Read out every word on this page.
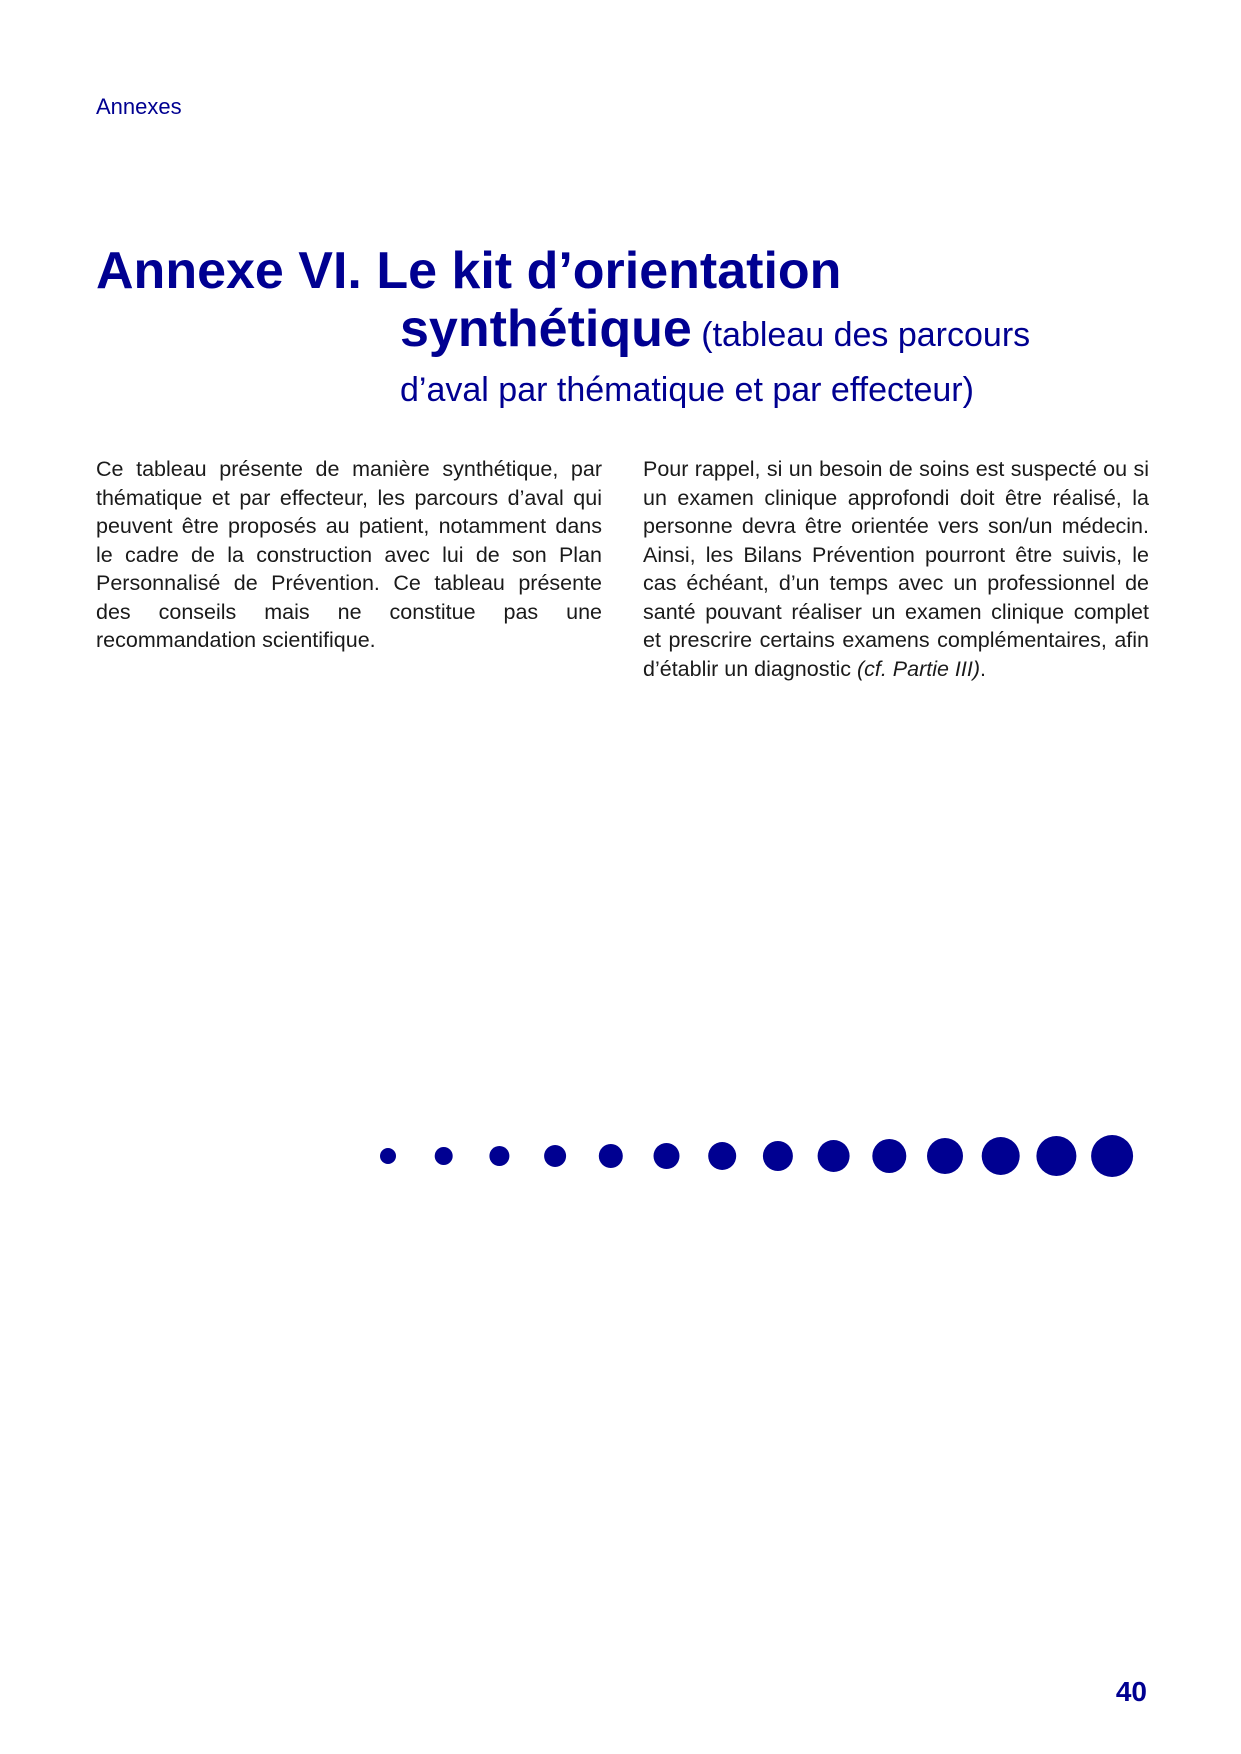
Annexes
Annexe VI. Le kit d’orientation
synthétique (tableau des parcours
d’aval par thématique et par effecteur)
Ce tableau présente de manière synthétique, par thématique et par effecteur, les parcours d’aval qui peuvent être proposés au patient, notamment dans le cadre de la construction avec lui de son Plan Personnalisé de Prévention. Ce tableau présente des conseils mais ne constitue pas une recommandation scientifique.
Pour rappel, si un besoin de soins est suspecté ou si un examen clinique approfondi doit être réalisé, la personne devra être orientée vers son/un médecin. Ainsi, les Bilans Prévention pourront être suivis, le cas échéant, d’un temps avec un professionnel de santé pouvant réaliser un examen clinique complet et prescrire certains examens complémentaires, afin d’établir un diagnostic (cf. Partie III).
40
